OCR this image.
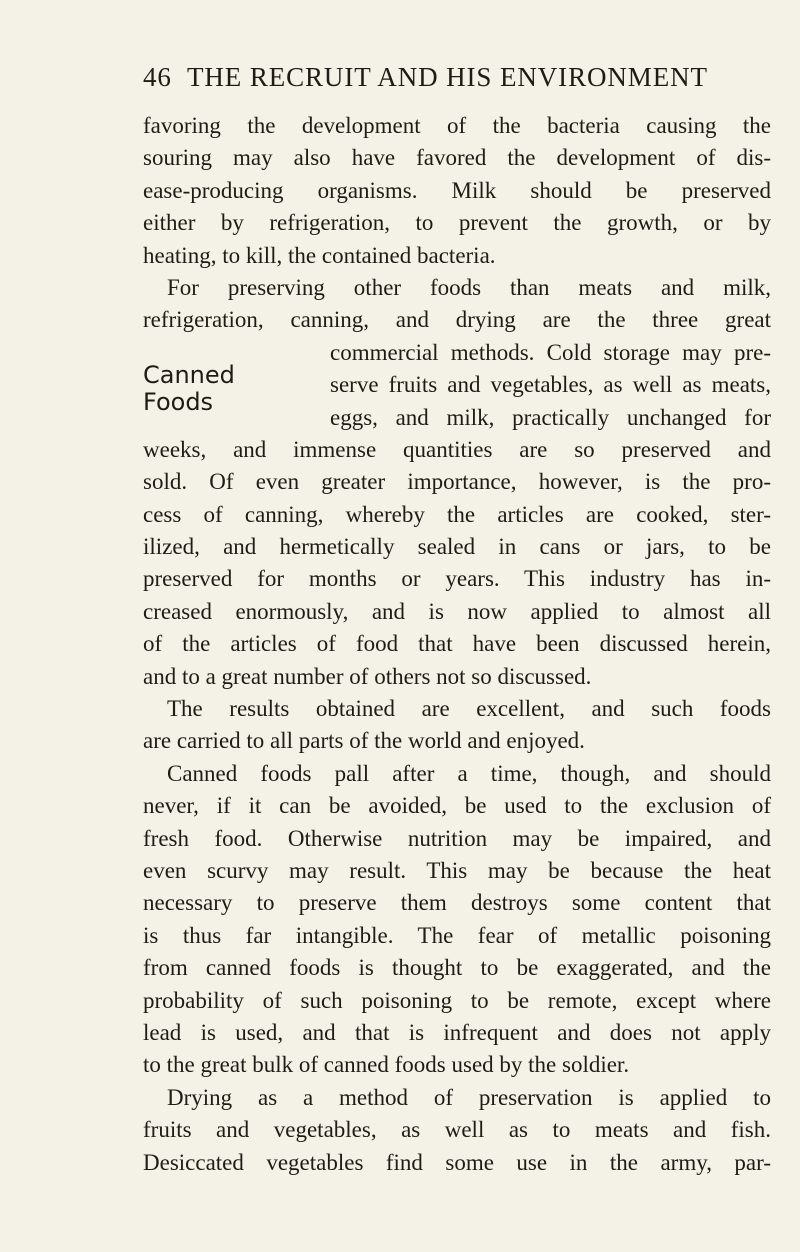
46 THE RECRUIT AND HIS ENVIRONMENT
Canned
Foods
favoring the development of the bacteria causing the
souring may also have favored the development of dis-
ease-producing organisms. Milk should be preserved
either by refrigeration, to prevent the growth, or by
heating, to kill, the contained bacteria.
For preserving other foods than meats and milk,
refrigeration, canning, and drying are the three great
commercial methods. Cold storage may pre-
serve fruits and vegetables, as well as meats,
eggs, and milk, practically unchanged for
weeks, and immense quantities are so preserved and
sold. Of even greater importance, however, is the pro-
cess of canning, whereby the articles are cooked, ster-
ilized, and hermetically sealed in cans or jars, to be
preserved for months or years. This industry has in-
creased enormously, and is now applied to almost all
of the articles of food that have been discussed herein,
and to a great number of others not so discussed.
The results obtained are excellent, and such foods
are carried to all parts of the world and enjoyed.
Canned foods pall after a time, though, and should
never, if it can be avoided, be used to the exclusion of
fresh food. Otherwise nutrition may be impaired, and
even scurvy may result. This may be because the heat
necessary to preserve them destroys some content that
is thus far intangible. The fear of metallic poisoning
from canned foods is thought to be exaggerated, and the
probability of such poisoning to be remote, except where
lead is used, and that is infrequent and does not apply
to the great bulk of canned foods used by the soldier.
Drying as a method of preservation is applied to
fruits and vegetables, as well as to meats and fish.
Desiccated vegetables find some use in the army, par-
